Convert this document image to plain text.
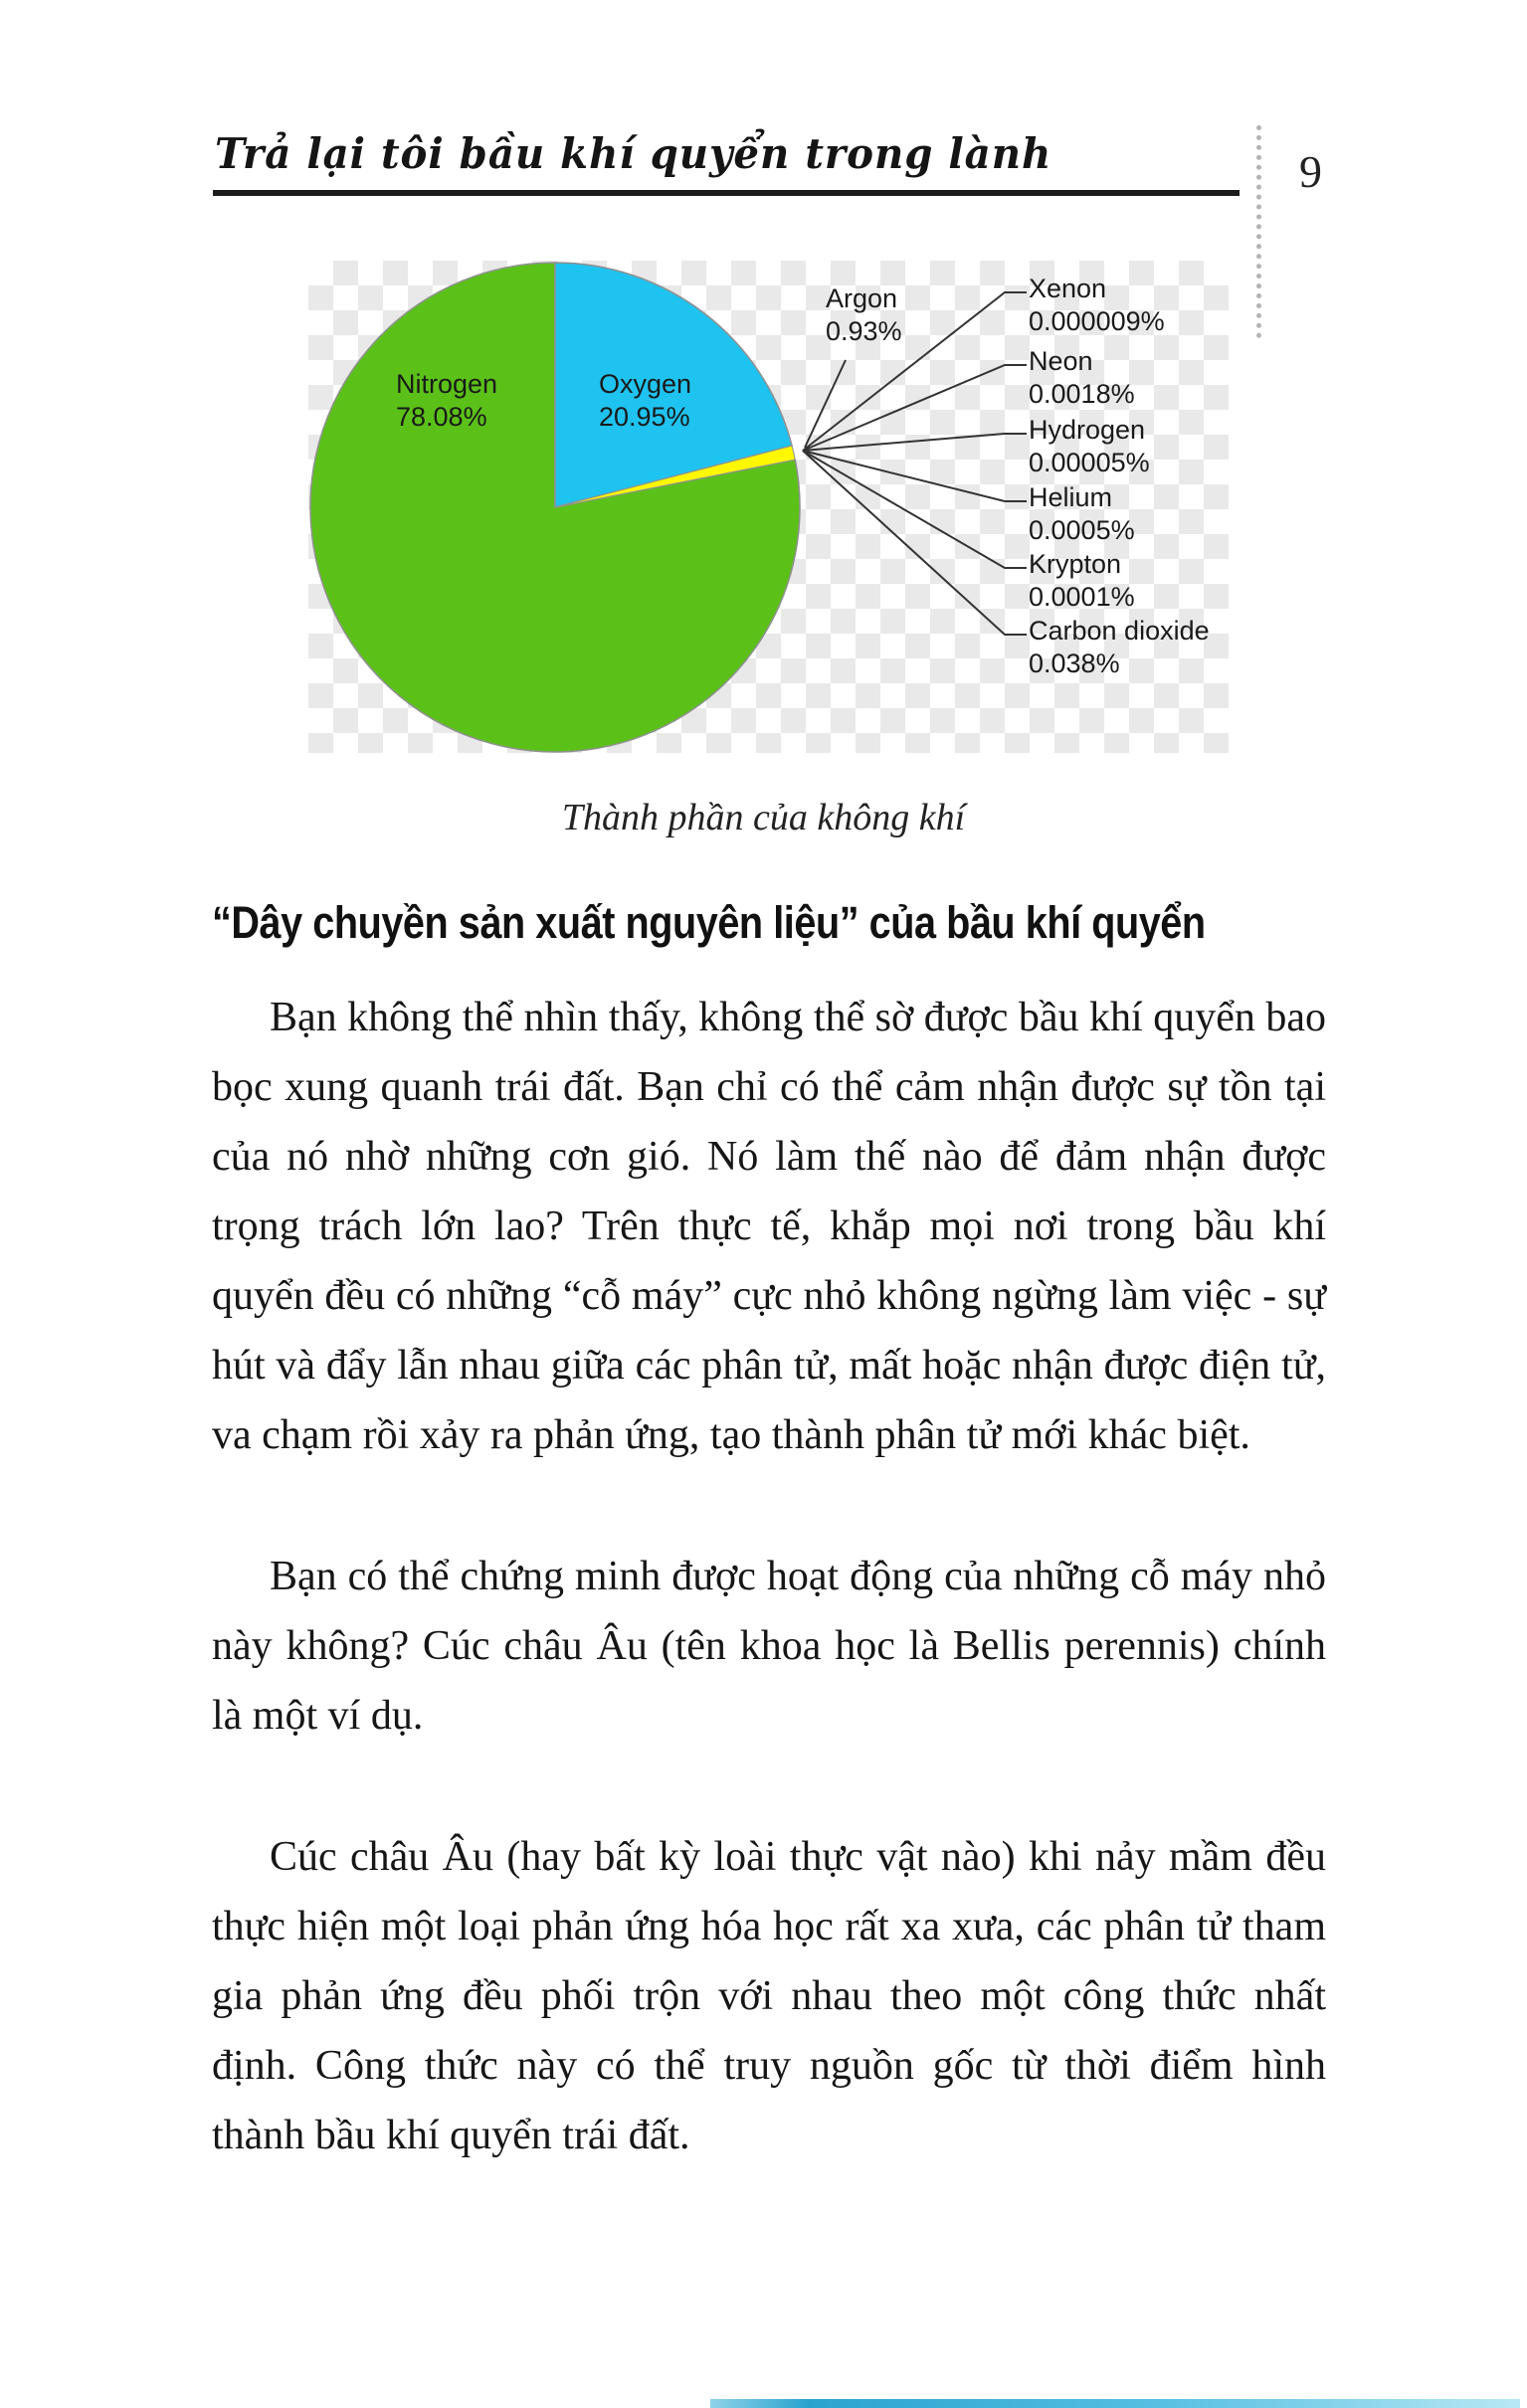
Trả lại tôi bầu khí quyển trong lành	9
Nitrogen
78.08%
Oxygen
20.95%
Argon
0.93%
Xenon
0.000009%
Neon
0.0018%
Hydrogen
0.00005%
Helium
0.0005%
Krypton
0.0001%
Carbon dioxide
0.038%
Thành phần của không khí
“Dây chuyền sản xuất nguyên liệu” của bầu khí quyển

Bạn không thể nhìn thấy, không thể sờ được bầu khí quyển bao bọc xung quanh trái đất. Bạn chỉ có thể cảm nhận được sự tồn tại của nó nhờ những cơn gió. Nó làm thế nào để đảm nhận được trọng trách lớn lao? Trên thực tế, khắp mọi nơi trong bầu khí quyển đều có những “cỗ máy” cực nhỏ không ngừng làm việc - sự hút và đẩy lẫn nhau giữa các phân tử, mất hoặc nhận được điện tử, va chạm rồi xảy ra phản ứng, tạo thành phân tử mới khác biệt.

Bạn có thể chứng minh được hoạt động của những cỗ máy nhỏ này không? Cúc châu Âu (tên khoa học là Bellis perennis) chính là một ví dụ.

Cúc châu Âu (hay bất kỳ loài thực vật nào) khi nảy mầm đều thực hiện một loại phản ứng hóa học rất xa xưa, các phân tử tham gia phản ứng đều phối trộn với nhau theo một công thức nhất định. Công thức này có thể truy nguồn gốc từ thời điểm hình thành bầu khí quyển trái đất.
